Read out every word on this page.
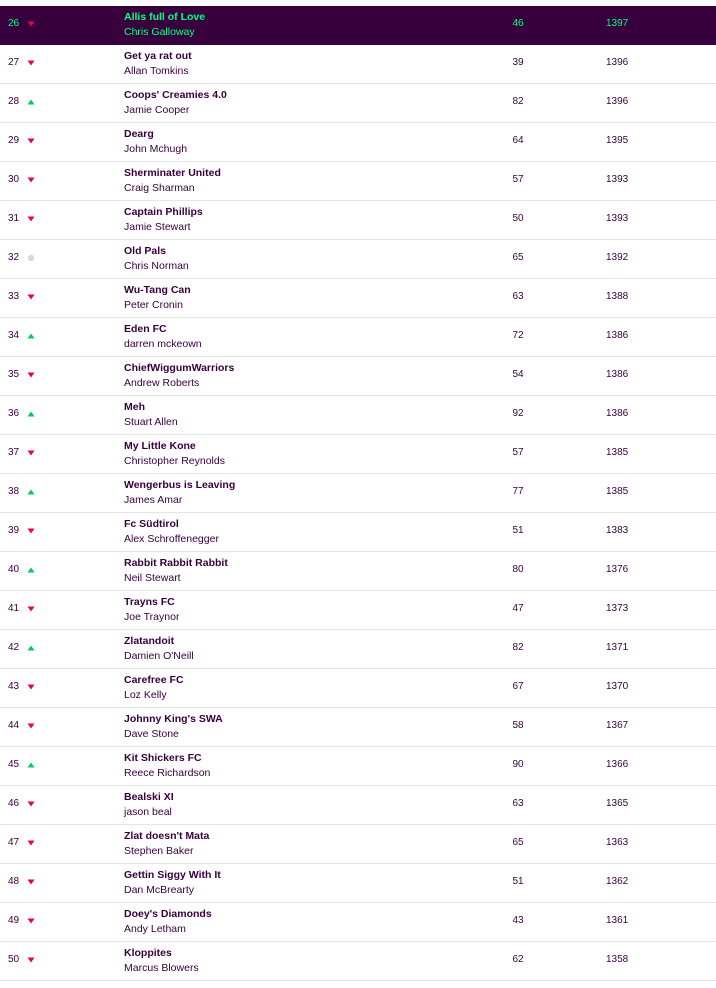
26
Allis full of Love
Chris Galloway
46	1397
27
Get ya rat out
Allan Tomkins
39	1396
28
Coops' Creamies 4.0
Jamie Cooper
82	1396
29
Dearg
John Mchugh
64	1395
30
Sherminater United
Craig Sharman
57	1393
31
Captain Phillips
Jamie Stewart
50	1393
32
Old Pals
Chris Norman
65	1392
33
Wu-Tang Can
Peter Cronin
63	1388
34
Eden FC
darren mckeown
72	1386
35
ChiefWiggumWarriors
Andrew Roberts
54	1386
36
Meh
Stuart Allen
92	1386
37
My Little Kone
Christopher Reynolds
57	1385
38
Wengerbus is Leaving
James Amar
77	1385
39
Fc Südtirol
Alex Schroffenegger
51	1383
40
Rabbit Rabbit Rabbit
Neil Stewart
80	1376
41
Trayns FC
Joe Traynor
47	1373
42
Zlatandoit
Damien O'Neill
82	1371
43
Carefree FC
Loz Kelly
67	1370
44
Johnny King's SWA
Dave Stone
58	1367
45
Kit Shickers FC
Reece Richardson
90	1366
46
Bealski XI
jason beal
63	1365
47
Zlat doesn't Mata
Stephen Baker
65	1363
48
Gettin Siggy With It
Dan McBrearty
51	1362
49
Doey's Diamonds
Andy Letham
43	1361
50
Kloppites
Marcus Blowers
62	1358
